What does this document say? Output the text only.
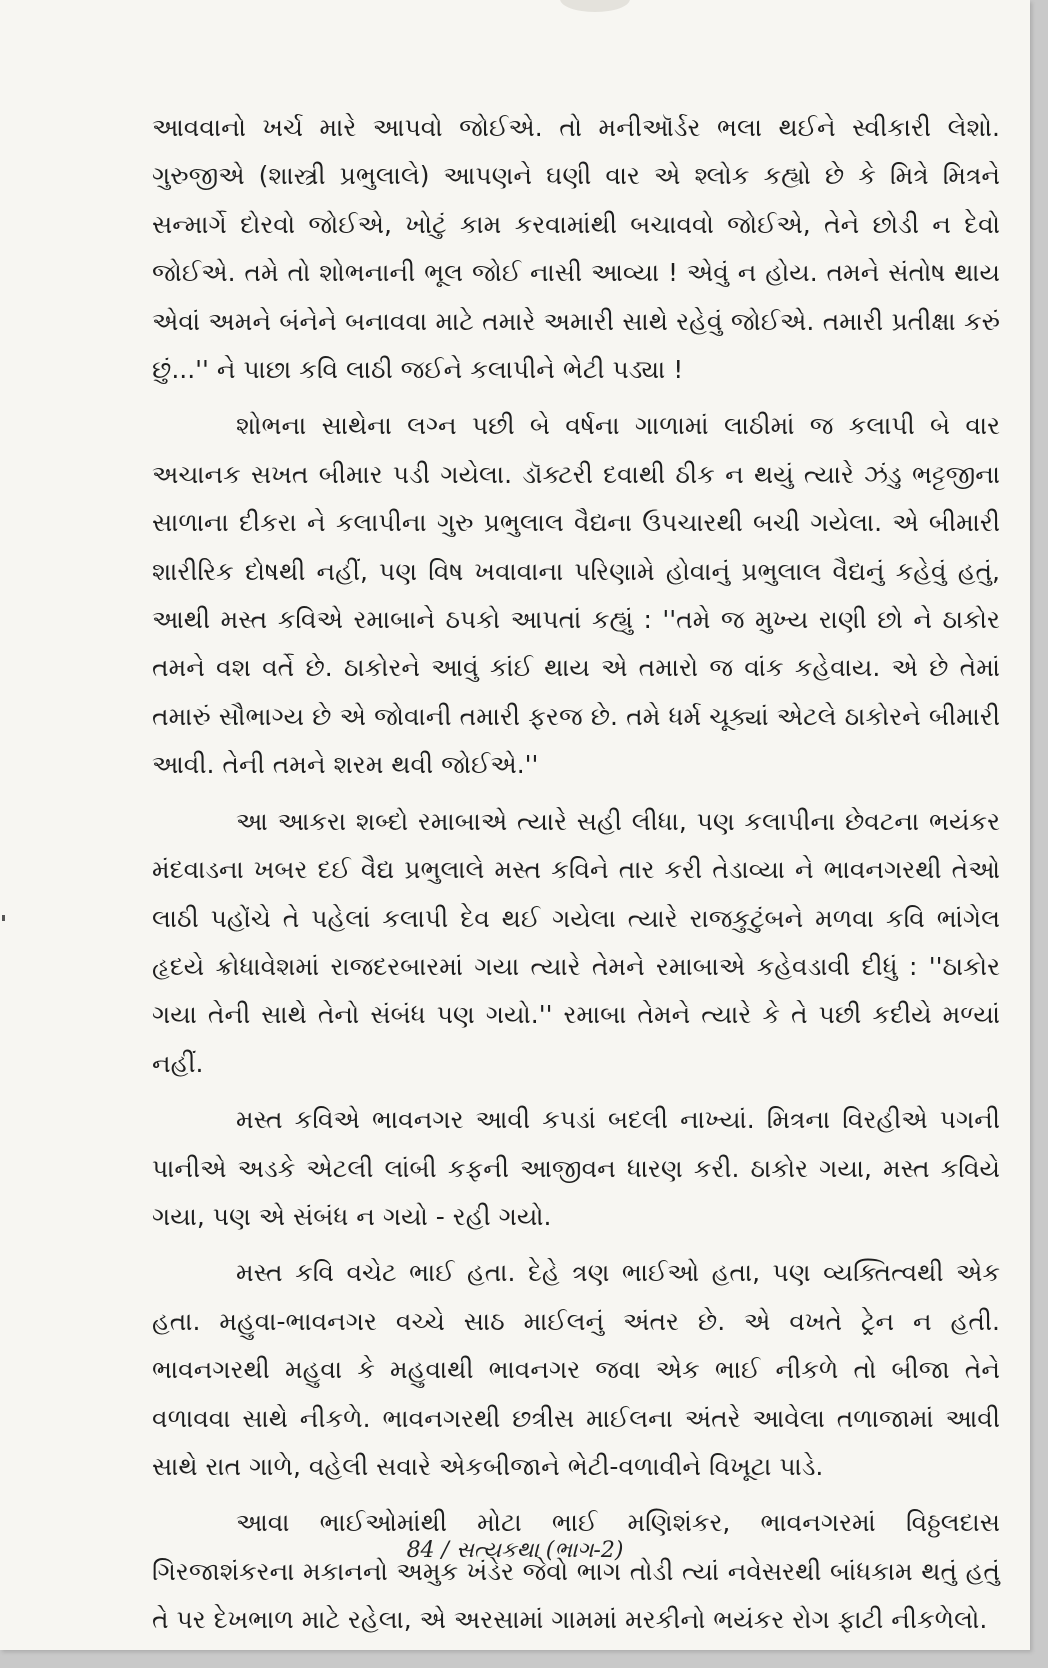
આવવાનો ખર્ચ મારે આપવો જોઈએ. તો મનીઑર્ડર ભલા થઈને સ્વીકારી લેશો. ગુરુજીએ (શાસ્ત્રી પ્રભુલાલે) આપણને ઘણી વાર એ શ્લોક કહ્યો છે કે મિત્રે મિત્રને સન્માર્ગે દોરવો જોઈએ, ખોટું કામ કરવામાંથી બચાવવો જોઈએ, તેને છોડી ન દેવો જોઈએ. તમે તો શોભનાની ભૂલ જોઈ નાસી આવ્યા ! એવું ન હોય. તમને સંતોષ થાય એવાં અમને બંનેને બનાવવા માટે તમારે અમારી સાથે રહેવું જોઈએ. તમારી પ્રતીક્ષા કરું છું...'' ને પાછા કવિ લાઠી જઈને કલાપીને ભેટી પડ્યા !

શોભના સાથેના લગ્ન પછી બે વર્ષના ગાળામાં લાઠીમાં જ કલાપી બે વાર અચાનક સખત બીમાર પડી ગયેલા. ડૉક્ટરી દવાથી ઠીક ન થયું ત્યારે ઝંડુ ભટ્ટજીના સાળાના દીકરા ને કલાપીના ગુરુ પ્રભુલાલ વૈદ્યના ઉપચારથી બચી ગયેલા. એ બીમારી શારીરિક દોષથી નહીં, પણ વિષ ખવાવાના પરિણામે હોવાનું પ્રભુલાલ વૈદ્યનું કહેવું હતું, આથી મસ્ત કવિએ રમાબાને ઠપકો આપતાં કહ્યું : ''તમે જ મુખ્ય રાણી છો ને ઠાકોર તમને વશ વર્તે છે. ઠાકોરને આવું કાંઈ થાય એ તમારો જ વાંક કહેવાય. એ છે તેમાં તમારું સૌભાગ્ય છે એ જોવાની તમારી ફરજ છે. તમે ધર્મ ચૂક્યાં એટલે ઠાકોરને બીમારી આવી. તેની તમને શરમ થવી જોઈએ.''

આ આકરા શબ્દો રમાબાએ ત્યારે સહી લીધા, પણ કલાપીના છેવટના ભયંકર મંદવાડના ખબર દઈ વૈદ્ય પ્રભુલાલે મસ્ત કવિને તાર કરી તેડાવ્યા ને ભાવનગરથી તેઓ લાઠી પહોંચે તે પહેલાં કલાપી દેવ થઈ ગયેલા ત્યારે રાજકુટુંબને મળવા કવિ ભાંગેલ હૃદયે ક્રોધાવેશમાં રાજદરબારમાં ગયા ત્યારે તેમને રમાબાએ કહેવડાવી દીધું : ''ઠાકોર ગયા તેની સાથે તેનો સંબંધ પણ ગયો.'' રમાબા તેમને ત્યારે કે તે પછી કદીયે મળ્યાં નહીં.

મસ્ત કવિએ ભાવનગર આવી કપડાં બદલી નાખ્યાં. મિત્રના વિરહીએ પગની પાનીએ અડકે એટલી લાંબી કફની આજીવન ધારણ કરી. ઠાકોર ગયા, મસ્ત કવિયે ગયા, પણ એ સંબંધ ન ગયો - રહી ગયો.

મસ્ત કવિ વચેટ ભાઈ હતા. દેહે ત્રણ ભાઈઓ હતા, પણ વ્યક્તિત્વથી એક હતા. મહુવા-ભાવનગર વચ્ચે સાઠ માઈલનું અંતર છે. એ વખતે ટ્રેન ન હતી. ભાવનગરથી મહુવા કે મહુવાથી ભાવનગર જવા એક ભાઈ નીકળે તો બીજા તેને વળાવવા સાથે નીકળે. ભાવનગરથી છત્રીસ માઈલના અંતરે આવેલા તળાજામાં આવી સાથે રાત ગાળે, વહેલી સવારે એકબીજાને ભેટી-વળાવીને વિખૂટા પાડે.

આવા ભાઈઓમાંથી મોટા ભાઈ મણિશંકર, ભાવનગરમાં વિઠ્ઠલદાસ ગિરજાશંકરના મકાનનો અમુક ખંડેર જેવો ભાગ તોડી ત્યાં નવેસરથી બાંધકામ થતું હતું તે પર દેખભાળ માટે રહેલા, એ અરસામાં ગામમાં મરકીનો ભયંકર રોગ ફાટી નીકળેલો.

84 / સત્યકથા (ભાગ-2)
